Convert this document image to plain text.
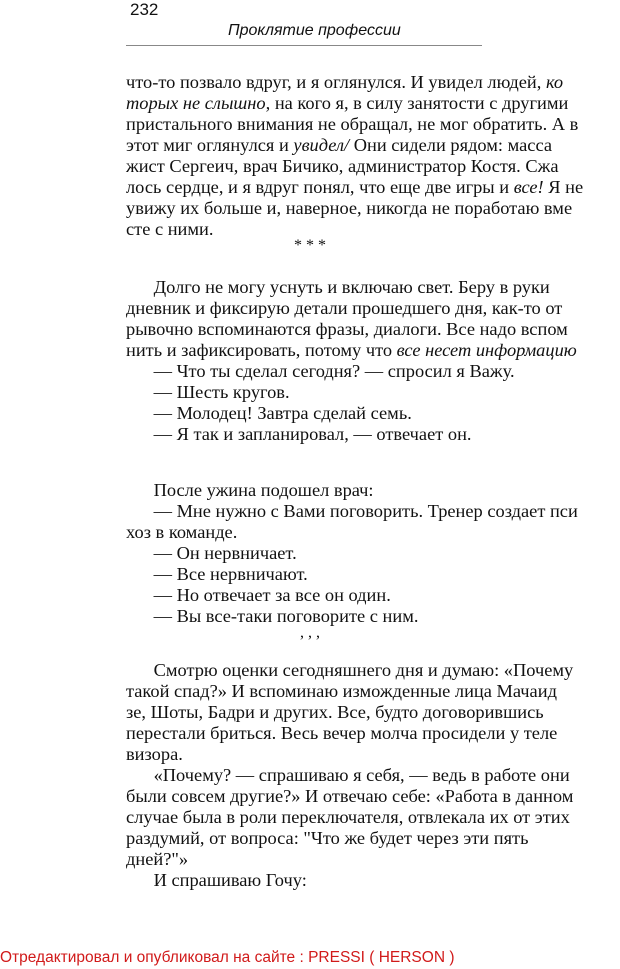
232
Проклятие профессии
что-то позвало вдруг, и я оглянулся. И увидел людей, ко
торых не слышно, на кого я, в силу занятости с другими
пристального внимания не обращал, не мог обратить. А в
этот миг оглянулся и увидел/ Они сидели рядом: масса
жист Сергеич, врач Бичико, администратор Костя. Сжа
лось сердце, и я вдруг понял, что еще две игры и все! Я не
увижу их больше и, наверное, никогда не поработаю вме
сте с ними.
* * *
Долго не могу уснуть и включаю свет. Беру в руки
дневник и фиксирую детали прошедшего дня, как-то от
рывочно вспоминаются фразы, диалоги. Все надо вспом
нить и зафиксировать, потому что все несет информацию
— Что ты сделал сегодня? — спросил я Важу.
— Шесть кругов.
— Молодец! Завтра сделай семь.
— Я так и запланировал, — отвечает он.
После ужина подошел врач:
— Мне нужно с Вами поговорить. Тренер создает пси
хоз в команде.
— Он нервничает.
— Все нервничают.
— Но отвечает за все он один.
— Вы все-таки поговорите с ним.
, , ,
Смотрю оценки сегодняшнего дня и думаю: «Почему
такой спад?» И вспоминаю изможденные лица Мачаид
зе, Шоты, Бадри и других. Все, будто договорившись
перестали бриться. Весь вечер молча просидели у теле
визора.
«Почему? — спрашиваю я себя, — ведь в работе они
были совсем другие?» И отвечаю себе: «Работа в данном
случае была в роли переключателя, отвлекала их от этих
раздумий, от вопроса: "Что же будет через эти пять
дней?"»
И спрашиваю Гочу:
Отредактировал и опубликовал на сайте : PRESSI ( HERSON )
